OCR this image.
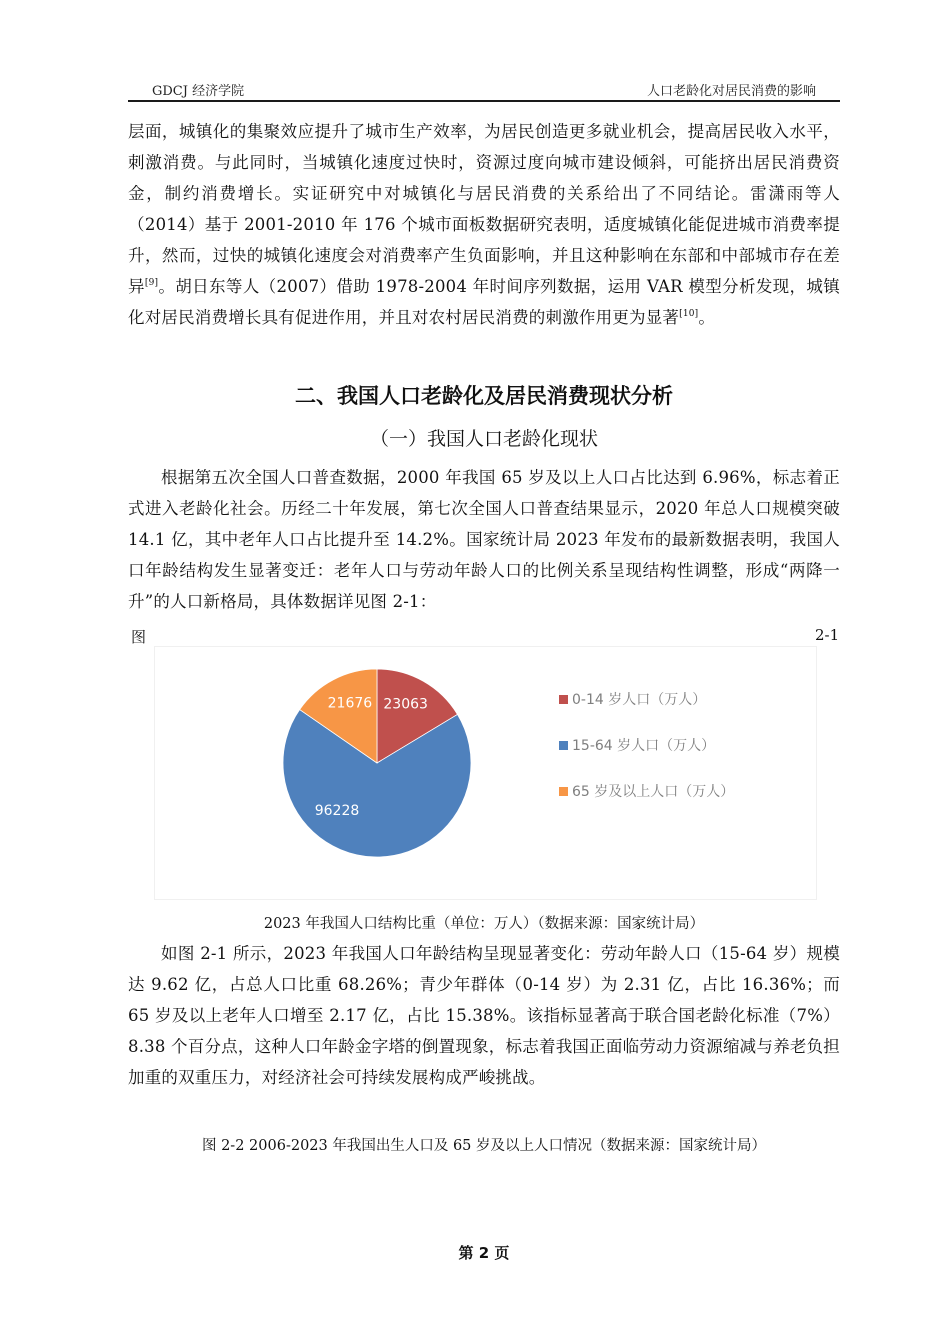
GDCJ 经济学院	人口老龄化对居民消费的影响
层面，城镇化的集聚效应提升了城市生产效率，为居民创造更多就业机会，提高居民收入水平，刺激消费。与此同时，当城镇化速度过快时，资源过度向城市建设倾斜，可能挤出居民消费资金，制约消费增长。实证研究中对城镇化与居民消费的关系给出了不同结论。雷潇雨等人（2014）基于 2001-2010 年 176 个城市面板数据研究表明，适度城镇化能促进城市消费率提升，然而，过快的城镇化速度会对消费率产生负面影响，并且这种影响在东部和中部城市存在差异[9]。胡日东等人（2007）借助 1978-2004 年时间序列数据，运用 VAR 模型分析发现，城镇化对居民消费增长具有促进作用，并且对农村居民消费的刺激作用更为显著[10]。
二、我国人口老龄化及居民消费现状分析
（一）我国人口老龄化现状
根据第五次全国人口普查数据，2000 年我国 65 岁及以上人口占比达到 6.96%，标志着正式进入老龄化社会。历经二十年发展，第七次全国人口普查结果显示，2020 年总人口规模突破 14.1 亿，其中老年人口占比提升至 14.2%。国家统计局 2023 年发布的最新数据表明，我国人口年龄结构发生显著变迁：老年人口与劳动年龄人口的比例关系呈现结构性调整，形成“两降一升”的人口新格局，具体数据详见图 2-1：
图	2-1
23063
96228
21676	0-14 岁人口（万人）
15-64 岁人口（万人）
65 岁及以上人口（万人）
2023 年我国人口结构比重（单位：万人）（数据来源：国家统计局）
如图 2-1 所示，2023 年我国人口年龄结构呈现显著变化：劳动年龄人口（15-64 岁）规模达 9.62 亿，占总人口比重 68.26%；青少年群体（0-14 岁）为 2.31 亿，占比 16.36%；而 65 岁及以上老年人口增至 2.17 亿，占比 15.38%。该指标显著高于联合国老龄化标准（7%）8.38 个百分点，这种人口年龄金字塔的倒置现象，标志着我国正面临劳动力资源缩减与养老负担加重的双重压力，对经济社会可持续发展构成严峻挑战。
图 2-2 2006-2023 年我国出生人口及 65 岁及以上人口情况（数据来源：国家统计局）
第 2 页
